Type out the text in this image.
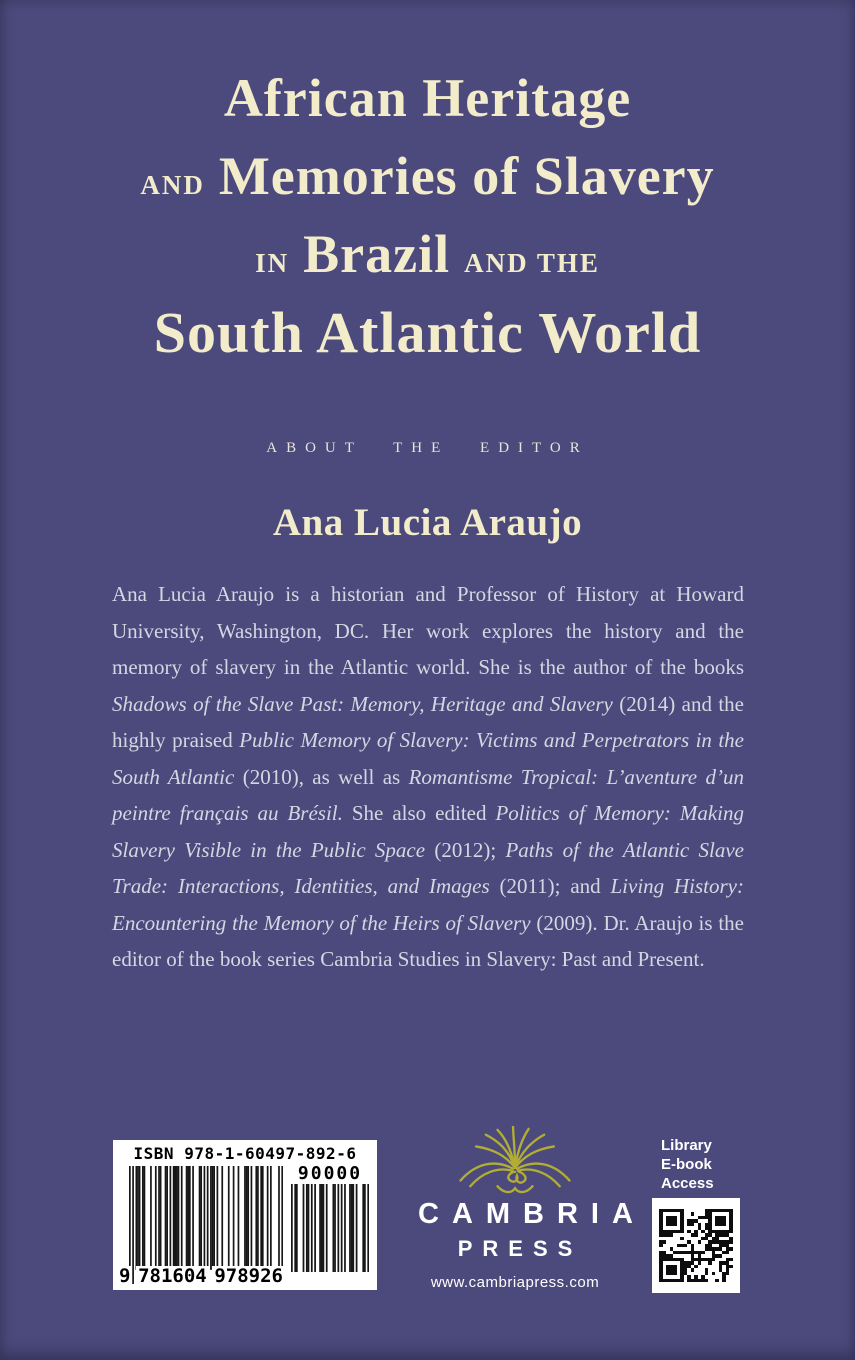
African Heritage
AND Memories of Slavery
IN Brazil AND THE
South Atlantic World
ABOUT THE EDITOR
Ana Lucia Araujo
Ana Lucia Araujo is a historian and Professor of History at Howard University, Washington, DC. Her work explores the history and the memory of slavery in the Atlantic world. She is the author of the books Shadows of the Slave Past: Memory, Heritage and Slavery (2014) and the highly praised Public Memory of Slavery: Victims and Perpetrators in the South Atlantic (2010), as well as Romantisme Tropical: L’aventure d’un peintre français au Brésil. She also edited Politics of Memory: Making Slavery Visible in the Public Space (2012); Paths of the Atlantic Slave Trade: Interactions, Identities, and Images (2011); and Living History: Encountering the Memory of the Heirs of Slavery (2009). Dr. Araujo is the editor of the book series Cambria Studies in Slavery: Past and Present.
ISBN 978-1-60497-892-6
9 781604 978926
90000
CAMBRIA
PRESS
www.cambriapress.com
Library
E-book
Access
